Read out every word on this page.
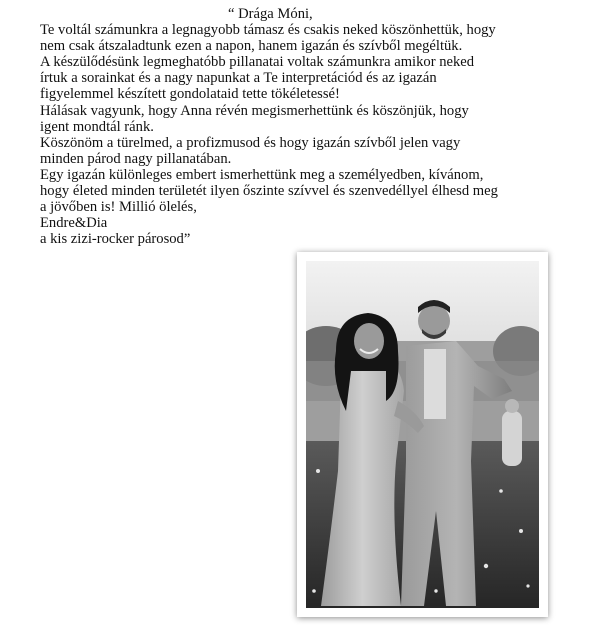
“ Drága Móni,
Te voltál számunkra a legnagyobb támasz és csakis neked köszönhettük, hogy
nem csak átszaladtunk ezen a napon, hanem igazán és szívből megéltük.
A készülődésünk legmeghatóbb pillanatai voltak számunkra amikor neked
írtuk a sorainkat és a nagy napunkat a Te interpretációd és az igazán
figyelemmel készített gondolataid tette tökéletessé!
Hálásak vagyunk, hogy Anna révén megismerhettünk és köszönjük, hogy
igent mondtál ránk.
Köszönöm a türelmed, a profizmusod és hogy igazán szívből jelen vagy
minden párod nagy pillanatában.
Egy igazán különleges embert ismerhettünk meg a személyedben, kívánom,
hogy életed minden területét ilyen őszinte szívvel és szenvedéllyel élhesd meg
a jövőben is! Millió ölelés,
Endre&Dia
a kis zizi-rocker párosod”
